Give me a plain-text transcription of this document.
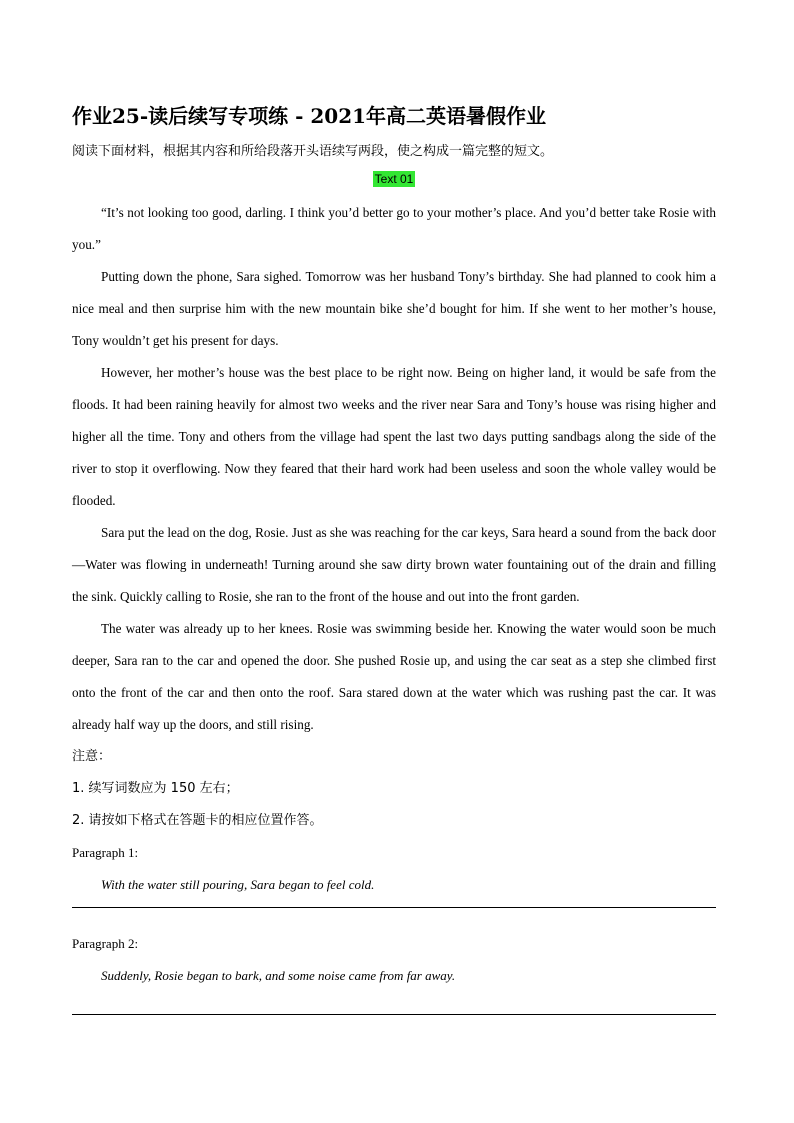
作业25-读后续写专项练 - 2021年高二英语暑假作业
阅读下面材料，根据其内容和所给段落开头语续写两段，使之构成一篇完整的短文。
Text 01

“It’s not looking too good, darling. I think you’d better go to your mother’s place. And you’d better take Rosie with you.”

Putting down the phone, Sara sighed. Tomorrow was her husband Tony’s birthday. She had planned to cook him a nice meal and then surprise him with the new mountain bike she’d bought for him. If she went to her mother’s house, Tony wouldn’t get his present for days.

However, her mother’s house was the best place to be right now. Being on higher land, it would be safe from the floods. It had been raining heavily for almost two weeks and the river near Sara and Tony’s house was rising higher and higher all the time. Tony and others from the village had spent the last two days putting sandbags along the side of the river to stop it overflowing. Now they feared that their hard work had been useless and soon the whole valley would be flooded.

Sara put the lead on the dog, Rosie. Just as she was reaching for the car keys, Sara heard a sound from the back door—Water was flowing in underneath! Turning around she saw dirty brown water fountaining out of the drain and filling the sink. Quickly calling to Rosie, she ran to the front of the house and out into the front garden.

The water was already up to her knees. Rosie was swimming beside her. Knowing the water would soon be much deeper, Sara ran to the car and opened the door. She pushed Rosie up, and using the car seat as a step she climbed first onto the front of the car and then onto the roof. Sara stared down at the water which was rushing past the car. It was already half way up the doors, and still rising.

注意：
1. 续写词数应为 150 左右；
2. 请按如下格式在答题卡的相应位置作答。
Paragraph 1:
With the water still pouring, Sara began to feel cold.
Paragraph 2:
Suddenly, Rosie began to bark, and some noise came from far away.
